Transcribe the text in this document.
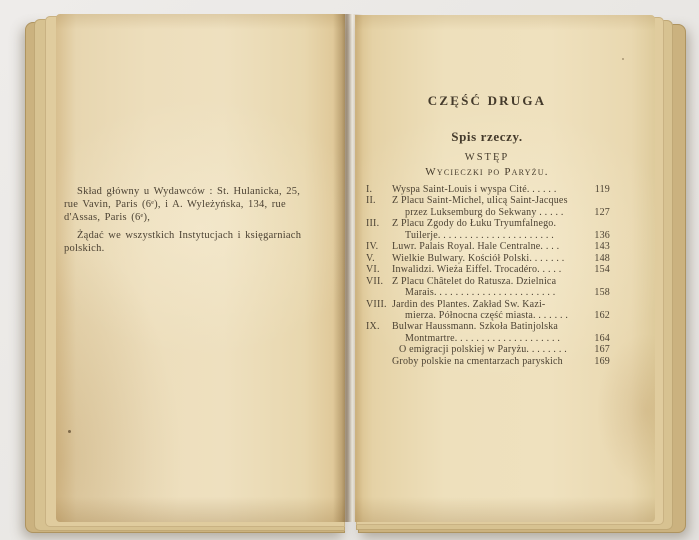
Skład główny u Wydawców : St. Hulanicka, 25,
rue Vavin, Paris (6ᵉ), i A. Wyleżyńska, 134, rue
d'Assas, Paris (6ᵉ),
Żądać we wszystkich Instytucjach i księgarniach
polskich.
CZĘŚĆ DRUGA
Spis rzeczy.
WSTĘP
Wycieczki po Paryżu.
I.	Wyspa Saint-Louis i wyspa Cité. . . . . .	119
II.	Z Placu Saint-Michel, ulicą Saint-Jacques
przez Luksemburg do Sekwany . . . . .	127
III.	Z Placu Zgody do Łuku Tryumfalnego.
Tuilerje. . . . . . . . . . . . . . . . . . . . . .	136
IV.	Luwr. Palais Royal. Hale Centralne. . . .	143
V.	Wielkie Bulwary. Kościół Polski. . . . . . .	148
VI.	Inwalidzi. Wieża Eiffel. Trocadéro. . . . .	154
VII. Z Placu Châtelet do Ratusza. Dzielnica
Marais. . . . . . . . . . . . . . . . . . . . . . .	158
VIII. Jardin des Plantes. Zakład Św. Kazi-
mierza. Północna część miasta. . . . . . .	162
IX.	Bulwar Haussmann. Szkoła Batinjolska
Montmartre. . . . . . . . . . . . . . . . . . . .	164
O emigracji polskiej w Paryżu. . . . . . . .	167
Groby polskie na cmentarzach paryskich	169
